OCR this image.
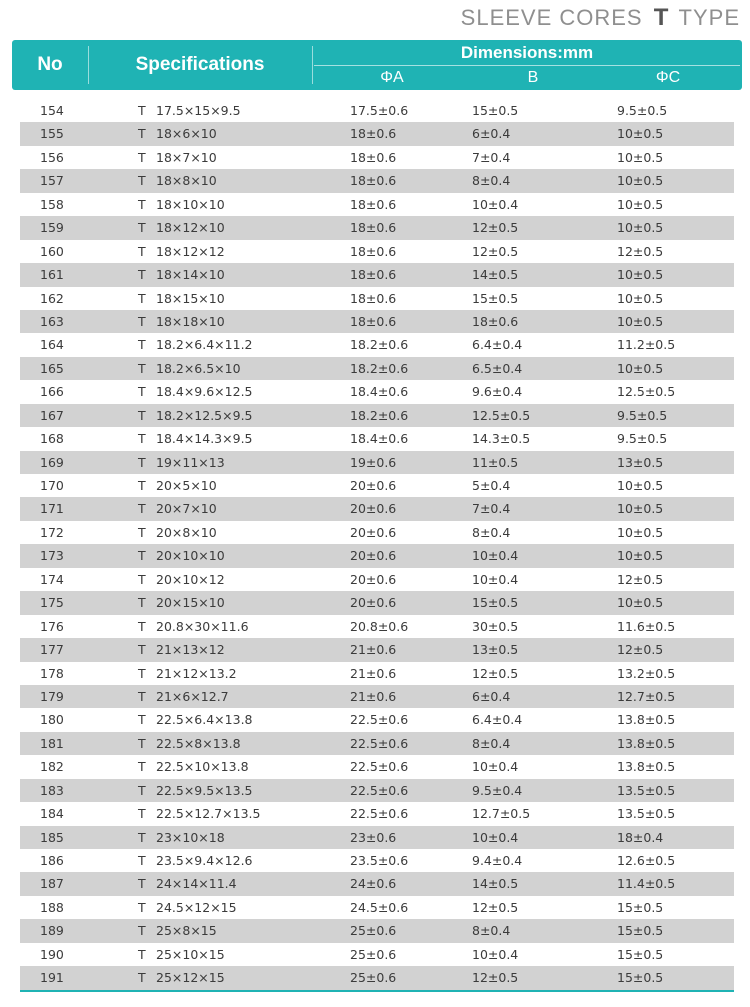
SLEEVE CORES T TYPE
No	Specifications
Dimensions:mm
ΦA	B	ΦC
154	T 17.5×15×9.5	17.5±0.6	15±0.5	9.5±0.5
155	T 18×6×10	18±0.6	6±0.4	10±0.5
156	T 18×7×10	18±0.6	7±0.4	10±0.5
157	T 18×8×10	18±0.6	8±0.4	10±0.5
158	T 18×10×10	18±0.6	10±0.4	10±0.5
159	T 18×12×10	18±0.6	12±0.5	10±0.5
160	T 18×12×12	18±0.6	12±0.5	12±0.5
161	T 18×14×10	18±0.6	14±0.5	10±0.5
162	T 18×15×10	18±0.6	15±0.5	10±0.5
163	T 18×18×10	18±0.6	18±0.6	10±0.5
164	T 18.2×6.4×11.2	18.2±0.6	6.4±0.4	11.2±0.5
165	T 18.2×6.5×10	18.2±0.6	6.5±0.4	10±0.5
166	T 18.4×9.6×12.5	18.4±0.6	9.6±0.4	12.5±0.5
167	T 18.2×12.5×9.5	18.2±0.6	12.5±0.5	9.5±0.5
168	T 18.4×14.3×9.5	18.4±0.6	14.3±0.5	9.5±0.5
169	T 19×11×13	19±0.6	11±0.5	13±0.5
170	T 20×5×10	20±0.6	5±0.4	10±0.5
171	T 20×7×10	20±0.6	7±0.4	10±0.5
172	T 20×8×10	20±0.6	8±0.4	10±0.5
173	T 20×10×10	20±0.6	10±0.4	10±0.5
174	T 20×10×12	20±0.6	10±0.4	12±0.5
175	T 20×15×10	20±0.6	15±0.5	10±0.5
176	T 20.8×30×11.6	20.8±0.6	30±0.5	11.6±0.5
177	T 21×13×12	21±0.6	13±0.5	12±0.5
178	T 21×12×13.2	21±0.6	12±0.5	13.2±0.5
179	T 21×6×12.7	21±0.6	6±0.4	12.7±0.5
180	T 22.5×6.4×13.8	22.5±0.6	6.4±0.4	13.8±0.5
181	T 22.5×8×13.8	22.5±0.6	8±0.4	13.8±0.5
182	T 22.5×10×13.8	22.5±0.6	10±0.4	13.8±0.5
183	T 22.5×9.5×13.5	22.5±0.6	9.5±0.4	13.5±0.5
184	T 22.5×12.7×13.5	22.5±0.6	12.7±0.5	13.5±0.5
185	T 23×10×18	23±0.6	10±0.4	18±0.4
186	T 23.5×9.4×12.6	23.5±0.6	9.4±0.4	12.6±0.5
187	T 24×14×11.4	24±0.6	14±0.5	11.4±0.5
188	T 24.5×12×15	24.5±0.6	12±0.5	15±0.5
189	T 25×8×15	25±0.6	8±0.4	15±0.5
190	T 25×10×15	25±0.6	10±0.4	15±0.5
191	T 25×12×15	25±0.6	12±0.5	15±0.5
